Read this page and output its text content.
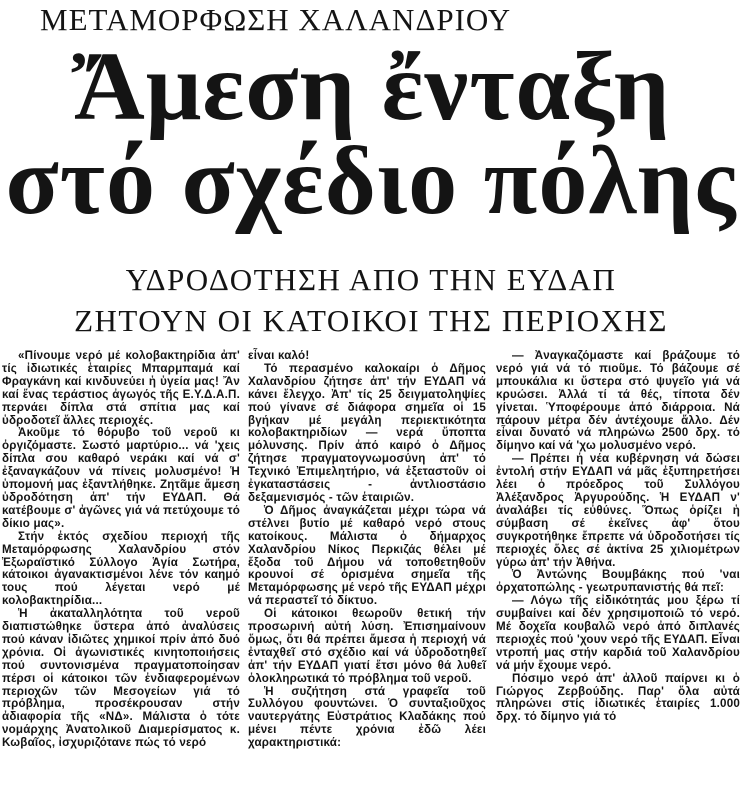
ΜΕΤΑΜΟΡΦΩΣΗ ΧΑΛΑΝΔΡΙΟΥ
Ἄμεση ἔνταξη
στό σχέδιο πόλης
ΥΔΡΟΔΟΤΗΣΗ ΑΠΟ ΤΗΝ ΕΥΔΑΠ
ΖΗΤΟΥΝ ΟΙ ΚΑΤΟΙΚΟΙ ΤΗΣ ΠΕΡΙΟΧΗΣ

«Πίνουμε νερό μέ κολοβακτηρίδια ἀπ' τίς ἰδιωτικές ἑταιρίες Μπαρμπαμά καί Φραγκάνη καί κινδυνεύει ἡ ὑγεία μας! Ἄν καί ἕνας τεράστιος ἀγωγός τῆς Ε.Υ.Δ.Α.Π. περνάει δίπλα στά σπίτια μας καί ὑδροδοτεῖ ἄλλες περιοχές.

Ἀκοῦμε τό θόρυβο τοῦ νεροῦ κι ὀργιζόμαστε. Σωστό μαρτύριο... νά 'χεις δίπλα σου καθαρό νεράκι καί νά σ' ἐξαναγκάζουν νά πίνεις μολυσμένο! Ἡ ὑπομονή μας ἐξαντλήθηκε. Ζητᾶμε ἄμεση ὑδροδότηση ἀπ' τήν ΕΥΔΑΠ. Θά κατέβουμε σ' ἀγῶνες γιά νά πετύχουμε τό δίκιο μας».

Στήν ἐκτός σχεδίου περιοχή τῆς Μεταμόρφωσης Χαλανδρίου στόν Ἐξωραϊστικό Σύλλογο Ἁγία Σωτήρα, κάτοικοι ἀγανακτισμένοι λένε τόν καημό τους πού λέγεται νερό μέ κολοβακτηρίδια...

Ἡ ἀκαταλληλότητα τοῦ νεροῦ διαπιστώθηκε ὕστερα ἀπό ἀναλύσεις πού κάναν ἰδιῶτες χημικοί πρίν ἀπό δυό χρόνια. Οἱ ἀγωνιστικές κινητοποιήσεις πού συντονισμένα πραγματοποίησαν πέρσι οἱ κάτοικοι τῶν ἐνδιαφερομένων περιοχῶν τῶν Μεσογείων γιά τό πρόβλημα, προσέκρουσαν στήν ἀδιαφορία τῆς «ΝΔ». Μάλιστα ὁ τότε νομάρχης Ἀνατολικοῦ Διαμερίσματος κ. Κωβαῖος, ἰσχυριζότανε πώς τό νερό

εἶναι καλό!

Τό περασμένο καλοκαίρι ὁ Δῆμος Χαλανδρίου ζήτησε ἀπ' τήν ΕΥΔΑΠ νά κάνει ἔλεγχο. Ἀπ' τίς 25 δειγματοληψίες πού γίνανε σέ διάφορα σημεῖα οἱ 15 βγήκαν μέ μεγάλη περιεκτικότητα κολοβακτηριδίων — νερά ὕποπτα μόλυνσης. Πρίν ἀπό καιρό ὁ Δῆμος ζήτησε πραγματογνωμοσύνη ἀπ' τό Τεχνικό Ἐπιμελητήριο, νά ἐξεταστοῦν οἱ ἐγκαταστάσεις - ἀντλιοστάσιο δεξαμενισμός - τῶν ἑταιριῶν.

Ὁ Δῆμος ἀναγκάζεται μέχρι τώρα νά στέλνει βυτίο μέ καθαρό νερό στους κατοίκους. Μάλιστα ὁ δήμαρχος Χαλανδρίου Νίκος Περκιζάς θέλει μέ ἔξοδα τοῦ Δήμου νά τοποθετηθοῦν κρουνοί σέ ὁρισμένα σημεῖα τῆς Μεταμόρφωσης μέ νερό τῆς ΕΥΔΑΠ μέχρι νά περαστεῖ τό δίκτυο.

Οἱ κάτοικοι θεωροῦν θετική τήν προσωρινή αὐτή λύση. Ἐπισημαίνουν ὅμως, ὅτι θά πρέπει ἄμεσα ἡ περιοχή νά ἐνταχθεῖ στό σχέδιο καί νά ὑδροδοτηθεῖ ἀπ' τήν ΕΥΔΑΠ γιατί ἔτσι μόνο θά λυθεῖ ὁλοκληρωτικά τό πρόβλημα τοῦ νεροῦ.

Ἡ συζήτηση στά γραφεῖα τοῦ Συλλόγου φουντώνει. Ὁ συνταξιοῦχος ναυτεργάτης Εὐστράτιος Κλαδάκης πού μένει πέντε χρόνια ἐδῶ λέει χαρακτηριστικά:

— Ἀναγκαζόμαστε καί βράζουμε τό νερό γιά νά τό πιοῦμε. Τό βάζουμε σέ μπουκάλια κι ὕστερα στό ψυγεῖο γιά νά κρυώσει. Ἀλλά τί τά θές, τίποτα δέν γίνεται. Ὑποφέρουμε ἀπό διάρροια. Νά πάρουν μέτρα δέν ἀντέχουμε ἄλλο. Δέν εἶναι δυνατό νά πληρώνω 2500 δρχ. τό δίμηνο καί νά 'χω μολυσμένο νερό.

— Πρέπει ἡ νέα κυβέρνηση νά δώσει ἐντολή στήν ΕΥΔΑΠ νά μᾶς ἐξυπηρετήσει λέει ὁ πρόεδρος τοῦ Συλλόγου Ἀλέξανδρος Ἀργυρούδης. Ἡ ΕΥΔΑΠ ν' ἀναλάβει τίς εὐθύνες. Ὅπως ὁρίζει ἡ σύμβαση σέ ἐκεῖνες ἀφ' ὅτου συγκροτήθηκε ἔπρεπε νά ὑδροδοτήσει τίς περιοχές ὅλες σέ ἀκτίνα 25 χιλιομέτρων γύρω ἀπ' τήν Ἀθήνα.

Ὁ Ἀντώνης Βουμβάκης πού 'ναι ὀρχατοπώλης - γεωτρυπανιστής θά πεῖ:

— Λόγω τῆς εἰδικότητάς μου ξέρω τί συμβαίνει καί δέν χρησιμοποιῶ τό νερό. Μέ δοχεῖα κουβαλῶ νερό ἀπό διπλανές περιοχές πού 'χουν νερό τῆς ΕΥΔΑΠ. Εἶναι ντροπή μας στήν καρδιά τοῦ Χαλανδρίου νά μήν ἔχουμε νερό.

Πόσιμο νερό ἀπ' ἀλλοῦ παίρνει κι ὁ Γιώργος Ζερβούδης. Παρ' ὅλα αὐτά πληρώνει στίς ἰδιωτικές ἑταιρίες 1.000 δρχ. τό δίμηνο γιά τό
